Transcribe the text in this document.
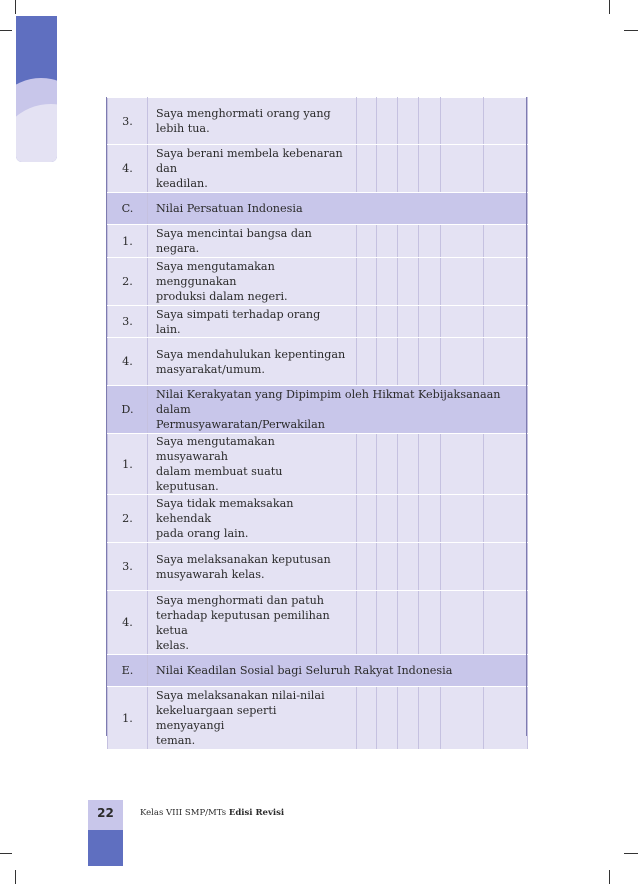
3.	Saya menghormati orang yang
lebih tua.						

4.	Saya berani membela kebenaran dan
keadilan.						

C.	Nilai Persatuan Indonesia						

1.	Saya mencintai bangsa dan negara.						

2.	Saya mengutamakan menggunakan
produksi dalam negeri.						

3.	Saya simpati terhadap orang lain.						

4.	Saya mendahulukan kepentingan
masyarakat/umum.						

D.	Nilai Kerakyatan yang Dipimpim oleh Hikmat Kebijaksanaan dalam
Permusyawaratan/Perwakilan						

1.	Saya mengutamakan musyawarah
dalam membuat suatu keputusan.						

2.	Saya tidak memaksakan kehendak
pada orang lain.						

3.	Saya melaksanakan keputusan
musyawarah kelas.						

4.	Saya menghormati dan patuh
terhadap keputusan pemilihan ketua
kelas.						

E.	Nilai Keadilan Sosial bagi Seluruh Rakyat Indonesia						

1.	Saya melaksanakan nilai-nilai
kekeluargaan seperti menyayangi
teman.						

22	Kelas VIII SMP/MTs Edisi Revisi
